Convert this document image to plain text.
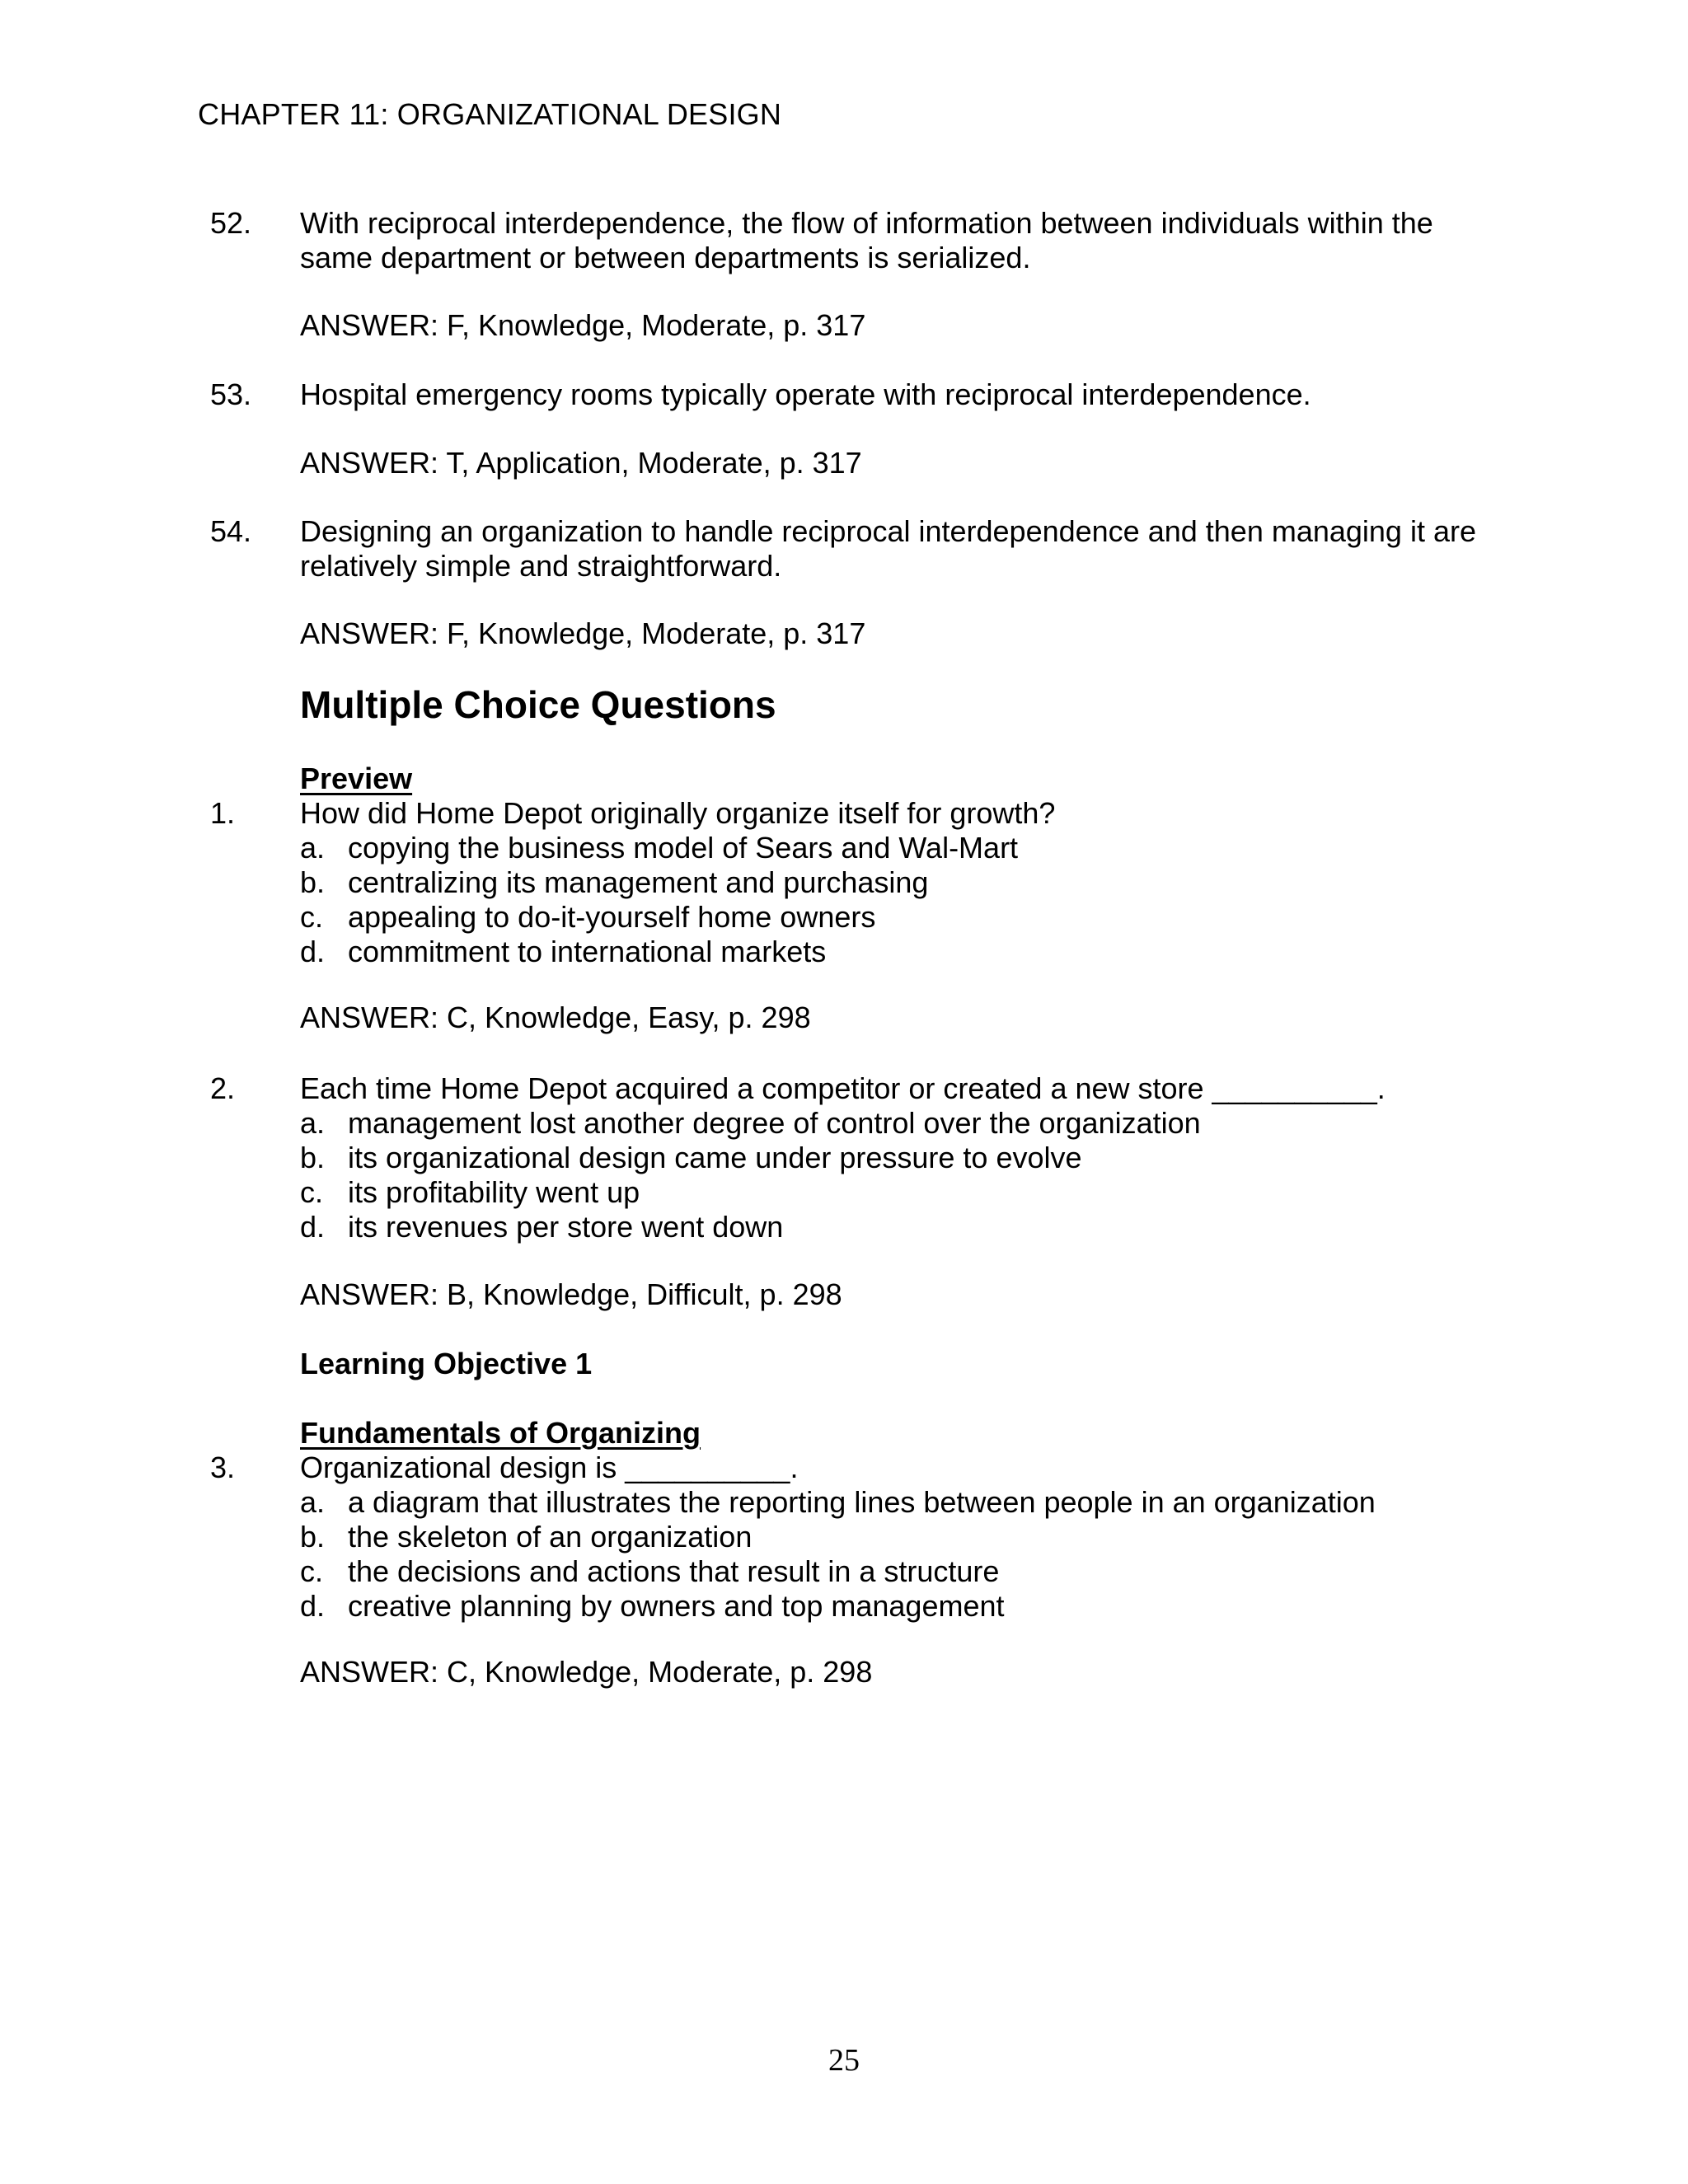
CHAPTER 11: ORGANIZATIONAL DESIGN
52. With reciprocal interdependence, the flow of information between individuals within the same department or between departments is serialized.
ANSWER: F, Knowledge, Moderate, p. 317
53. Hospital emergency rooms typically operate with reciprocal interdependence.
ANSWER: T, Application, Moderate, p. 317
54. Designing an organization to handle reciprocal interdependence and then managing it are relatively simple and straightforward.
ANSWER: F, Knowledge, Moderate, p. 317
Multiple Choice Questions
Preview
1. How did Home Depot originally organize itself for growth?
a. copying the business model of Sears and Wal-Mart
b. centralizing its management and purchasing
c. appealing to do-it-yourself home owners
d. commitment to international markets
ANSWER: C, Knowledge, Easy, p. 298
2. Each time Home Depot acquired a competitor or created a new store __________.
a. management lost another degree of control over the organization
b. its organizational design came under pressure to evolve
c. its profitability went up
d. its revenues per store went down
ANSWER: B, Knowledge, Difficult, p. 298
Learning Objective 1
Fundamentals of Organizing
3. Organizational design is __________.
a. a diagram that illustrates the reporting lines between people in an organization
b. the skeleton of an organization
c. the decisions and actions that result in a structure
d. creative planning by owners and top management
ANSWER: C, Knowledge, Moderate, p. 298
25
